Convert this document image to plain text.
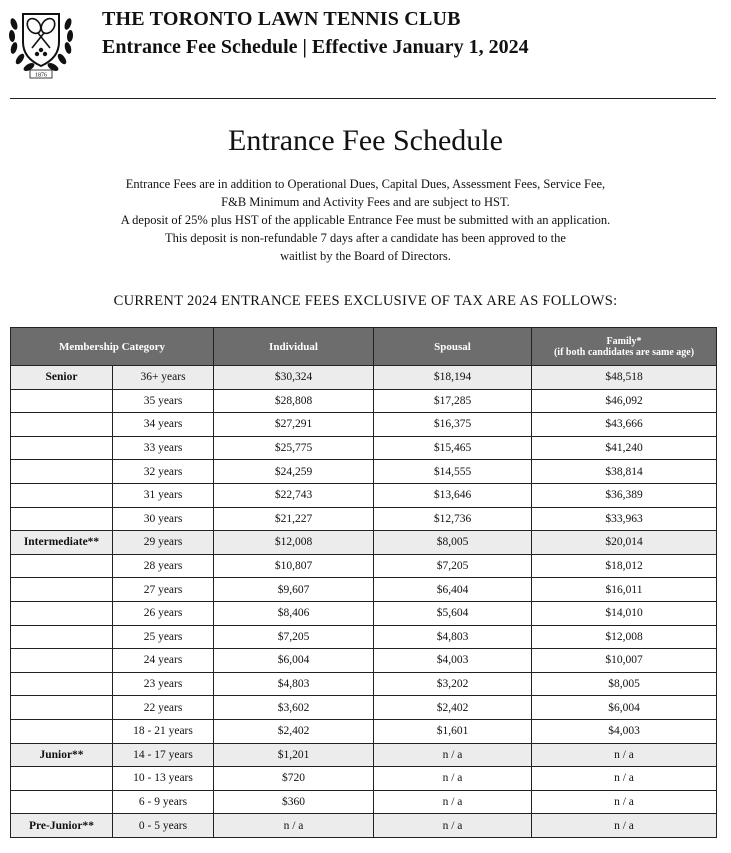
1876
THE TORONTO LAWN TENNIS CLUB
Entrance Fee Schedule | Effective January 1, 2024
Entrance Fee Schedule
Entrance Fees are in addition to Operational Dues, Capital Dues, Assessment Fees, Service Fee,
F&B Minimum and Activity Fees and are subject to HST.
A deposit of 25% plus HST of the applicable Entrance Fee must be submitted with an application.
This deposit is non-refundable 7 days after a candidate has been approved to the
waitlist by the Board of Directors.
CURRENT 2024 ENTRANCE FEES EXCLUSIVE OF TAX ARE AS FOLLOWS:
Membership Category		Individual	Spousal	Family*
(if both candidates are same age)

Senior	36+ years	$30,324	$18,194	$48,518
	35 years	$28,808	$17,285	$46,092
	34 years	$27,291	$16,375	$43,666
	33 years	$25,775	$15,465	$41,240
	32 years	$24,259	$14,555	$38,814
	31 years	$22,743	$13,646	$36,389
	30 years	$21,227	$12,736	$33,963
Intermediate**	29 years	$12,008	$8,005	$20,014
	28 years	$10,807	$7,205	$18,012
	27 years	$9,607	$6,404	$16,011
	26 years	$8,406	$5,604	$14,010
	25 years	$7,205	$4,803	$12,008
	24 years	$6,004	$4,003	$10,007
	23 years	$4,803	$3,202	$8,005
	22 years	$3,602	$2,402	$6,004
	18 - 21 years	$2,402	$1,601	$4,003
Junior**	14 - 17 years	$1,201	n / a	n / a
	10 - 13 years	$720	n / a	n / a
	6 - 9 years	$360	n / a	n / a
Pre-Junior**	0 - 5 years	n / a	n / a	n / a
